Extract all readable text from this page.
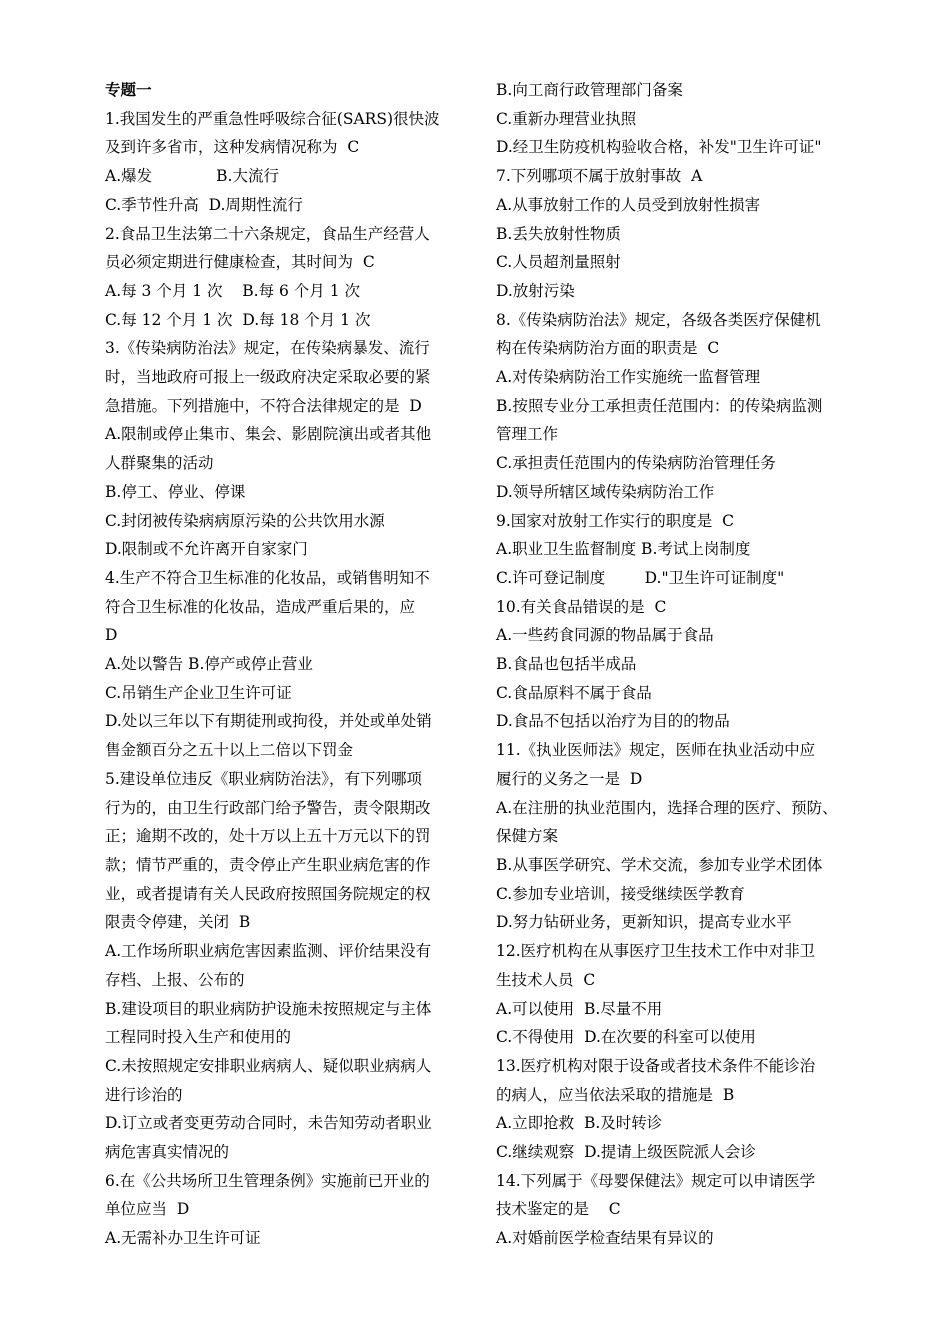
专题一
1.我国发生的严重急性呼吸综合征(SARS)很快波
及到许多省市，这种发病情况称为  C
A.爆发             B.大流行
C.季节性升高  D.周期性流行
2.食品卫生法第二十六条规定，食品生产经营人
员必须定期进行健康检查，其时间为  C
A.每 3 个月 1 次    B.每 6 个月 1 次
C.每 12 个月 1 次  D.每 18 个月 1 次
3.《传染病防治法》规定，在传染病暴发、流行
时，当地政府可报上一级政府决定采取必要的紧
急措施。下列措施中，不符合法律规定的是  D
A.限制或停止集市、集会、影剧院演出或者其他
人群聚集的活动
B.停工、停业、停课
C.封闭被传染病病原污染的公共饮用水源
D.限制或不允许离开自家家门
4.生产不符合卫生标准的化妆品，或销售明知不
符合卫生标准的化妆品，造成严重后果的，应
D
A.处以警告 B.停产或停止营业
C.吊销生产企业卫生许可证
D.处以三年以下有期徒刑或拘役，并处或单处销
售金额百分之五十以上二倍以下罚金
5.建设单位违反《职业病防治法》，有下列哪项
行为的，由卫生行政部门给予警告，责令限期改
正；逾期不改的，处十万以上五十万元以下的罚
款；情节严重的，责令停止产生职业病危害的作
业，或者提请有关人民政府按照国务院规定的权
限责令停建，关闭  B
A.工作场所职业病危害因素监测、评价结果没有
存档、上报、公布的
B.建设项目的职业病防护设施未按照规定与主体
工程同时投入生产和使用的
C.未按照规定安排职业病病人、疑似职业病病人
进行诊治的
D.订立或者变更劳动合同时，未告知劳动者职业
病危害真实情况的
6.在《公共场所卫生管理条例》实施前已开业的
单位应当  D
A.无需补办卫生许可证
B.向工商行政管理部门备案
C.重新办理营业执照
D.经卫生防疫机构验收合格，补发"卫生许可证"
7.下列哪项不属于放射事故  A
A.从事放射工作的人员受到放射性损害
B.丢失放射性物质
C.人员超剂量照射
D.放射污染
8.《传染病防治法》规定，各级各类医疗保健机
构在传染病防治方面的职责是  C
A.对传染病防治工作实施统一监督管理
B.按照专业分工承担责任范围内：的传染病监测
管理工作
C.承担责任范围内的传染病防治管理任务
D.领导所辖区域传染病防治工作
9.国家对放射工作实行的职度是  C
A.职业卫生监督制度 B.考试上岗制度
C.许可登记制度        D."卫生许可证制度"
10.有关食品错误的是  C
A.一些药食同源的物品属于食品
B.食品也包括半成品
C.食品原料不属于食品
D.食品不包括以治疗为目的的物品
11.《执业医师法》规定，医师在执业活动中应
履行的义务之一是  D
A.在注册的执业范围内，选择合理的医疗、预防、
保健方案
B.从事医学研究、学术交流，参加专业学术团体
C.参加专业培训，接受继续医学教育
D.努力钻研业务，更新知识，提高专业水平
12.医疗机构在从事医疗卫生技术工作中对非卫
生技术人员  C
A.可以使用  B.尽量不用
C.不得使用  D.在次要的科室可以使用
13.医疗机构对限于设备或者技术条件不能诊治
的病人，应当依法采取的措施是  B
A.立即抢救  B.及时转诊
C.继续观察  D.提请上级医院派人会诊
14.下列属于《母婴保健法》规定可以申请医学
技术鉴定的是    C
A.对婚前医学检查结果有异议的
